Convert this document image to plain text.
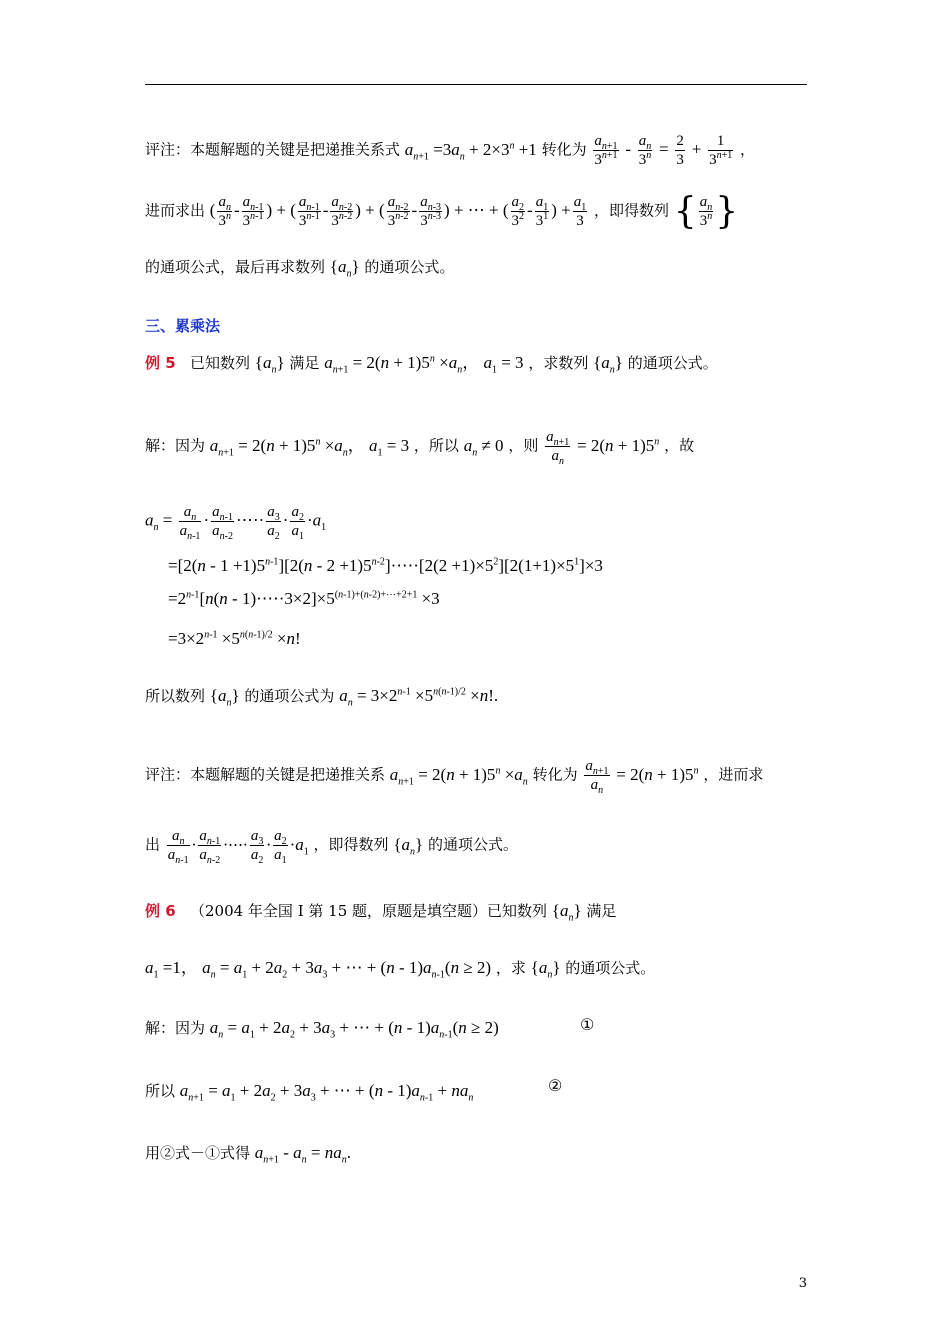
评注：本题解题的关键是把递推关系式 $a_{n+1} =3a_n + 2\times 3^n +1$ 转化为 $\frac{a_{n+1}}{3^{n+1}} - \frac{a_n}{3^n} = \frac{2}{3} + \frac{1}{3^{n+1}}$ ，
进而求出 ( $\frac{a_n}{3^n} - \frac{a_{n-1}}{3^{n-1}}$ ) + ( $\frac{a_{n-1}}{3^{n-1}} - \frac{a_{n-2}}{3^{n-2}}$ ) + ( $\frac{a_{n-2}}{3^{n-2}} - \frac{a_{n-3}}{3^{n-3}}$ ) + ⋯ + ( $\frac{a_2}{3^2} - \frac{a_1}{3^1}$ ) + $\frac{a_1}{3}$ ，即得数列 { $\frac{a_n}{3^n}$ }
的通项公式，最后再求数列 $\{a_n\}$ 的通项公式。
三、累乘法
例 5 已知数列 $\{a_n\}$ 满足 $a_{n+1} = 2(n + 1)5^n \times a_n$， $a_1 = 3$ ，求数列 $\{a_n\}$ 的通项公式。
解：因为 $a_{n+1} = 2(n + 1)5^n \times a_n$， $a_1 = 3$ ，所以 $a_n \ne 0$ ，则 $\frac{a_{n+1}}{a_n} = 2(n + 1)5^n$ ，故
$a_n = \frac{a_n}{a_{n-1}} \cdot \frac{a_{n-1}}{a_{n-2}}$ ·⋯· $\frac{a_3}{a_2} \cdot \frac{a_2}{a_1} \cdot a_1$
$=[2(n - 1 +1)5^{n-1}][2(n - 2$ $+1)5^{n-2}]\cdot\cdots\cdot[2(2 +1)\times 5^2][2(1+1)\times 5^1]\times 3$
$=2^{n-1}[n(n$ - $1)\cdot\cdots\cdot 3\times 2]\times 5^{(n-1)+(n-2)+\cdots+2+1} \times 3$
$=3\times 2^{n-1} \times 5^{n(n-1)/2} \times n$!
所以数列 $\{a_n\}$ 的通项公式为 $a_n = 3\times 2^{n-1} \times 5^{n(n-1)/2} \times n$!.
评注：本题解题的关键是把递推关系 $a_{n+1} = 2(n + 1)5^n \times a_n$ 转化为 $\frac{a_{n+1}}{a_n} = 2(n + 1)5^n$ ，进而求
出 $\frac{a_n}{a_{n-1}} \cdot \frac{a_{n-1}}{a_{n-2}}$ ·⋯· $\frac{a_3}{a_2} \cdot \frac{a_2}{a_1} \cdot a_1$ ，即得数列 $\{a_n\}$ 的通项公式。
例 6 （2004 年全国 I 第 15 题，原题是填空题）已知数列 $\{a_n\}$ 满足
$a_1 =1$， $a_n = a_1 + 2a_2 + 3a_3$ + ⋯ + $(n - 1)a_{n-1}(n \ge 2)$ ，求 $\{a_n\}$ 的通项公式。
解：因为 $a_n = a_1 + 2a_2 + 3a_3$ + ⋯ + $(n - 1)a_{n-1}(n \ge 2)$	①
所以 $a_{n+1} = a_1 + 2a_2 + 3a_3$ + ⋯ + $(n - 1)a_{n-1} + na_n$
②
用②式－①式得 $a_{n+1} - a_n = na_n$.
3
